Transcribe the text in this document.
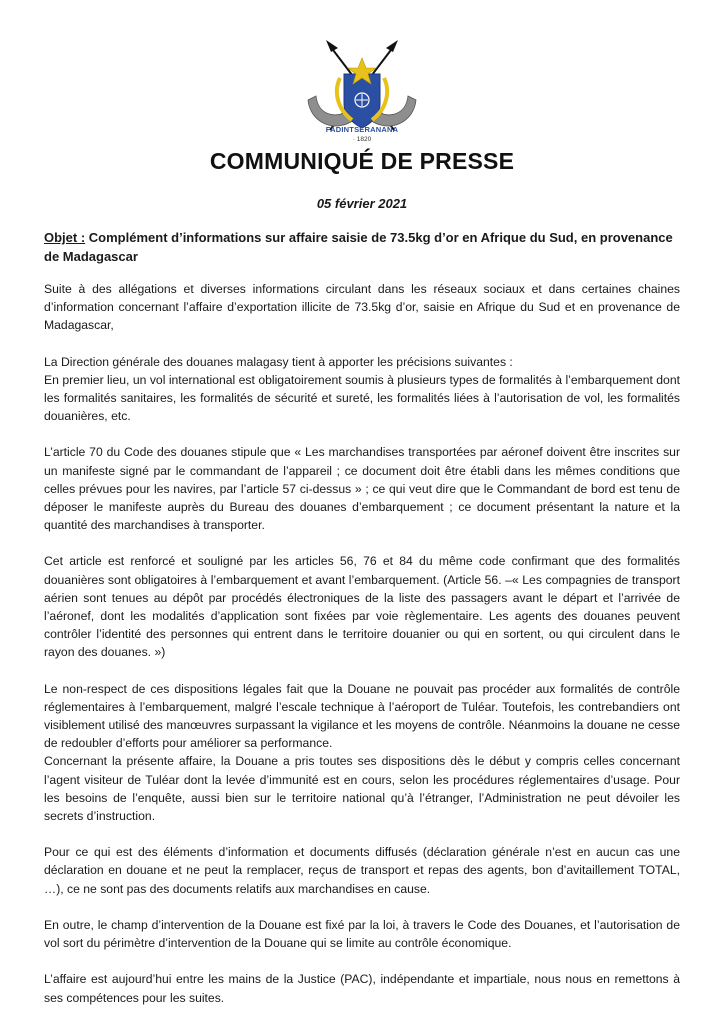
FADINTSERANANA
· 1820
COMMUNIQUÉ DE PRESSE
05 février 2021
Objet : Complément d’informations sur affaire saisie de 73.5kg d’or en Afrique du Sud, en provenance de Madagascar

Suite à des allégations et diverses informations circulant dans les réseaux sociaux et dans certaines chaines d’information concernant l’affaire d’exportation illicite de 73.5kg d’or, saisie en Afrique du Sud et en provenance de Madagascar,

La Direction générale des douanes malagasy tient à apporter les précisions suivantes :

En premier lieu, un vol international est obligatoirement soumis à plusieurs types de formalités à l’embarquement dont les formalités sanitaires, les formalités de sécurité et sureté, les formalités liées à l’autorisation de vol, les formalités douanières, etc.

L’article 70 du Code des douanes stipule que « Les marchandises transportées par aéronef doivent être inscrites sur un manifeste signé par le commandant de l’appareil ; ce document doit être établi dans les mêmes conditions que celles prévues pour les navires, par l’article 57 ci-dessus » ; ce qui veut dire que le Commandant de bord est tenu de déposer le manifeste auprès du Bureau des douanes d’embarquement ; ce document présentant la nature et la quantité des marchandises à transporter.

Cet article est renforcé et souligné par les articles 56, 76 et 84 du même code confirmant que des formalités douanières sont obligatoires à l’embarquement et avant l’embarquement. (Article 56. –« Les compagnies de transport aérien sont tenues au dépôt par procédés électroniques de la liste des passagers avant le départ et l’arrivée de l’aéronef, dont les modalités d’application sont fixées par voie règlementaire. Les agents des douanes peuvent contrôler l’identité des personnes qui entrent dans le territoire douanier ou qui en sortent, ou qui circulent dans le rayon des douanes. »)

Le non-respect de ces dispositions légales fait que la Douane ne pouvait pas procéder aux formalités de contrôle réglementaires à l’embarquement, malgré l’escale technique à l’aéroport de Tuléar. Toutefois, les contrebandiers ont visiblement utilisé des manœuvres surpassant la vigilance et les moyens de contrôle. Néanmoins la douane ne cesse de redoubler d’efforts pour améliorer sa performance.

Concernant la présente affaire, la Douane a pris toutes ses dispositions dès le début y compris celles concernant l’agent visiteur de Tuléar dont la levée d’immunité est en cours, selon les procédures réglementaires d’usage. Pour les besoins de l’enquête, aussi bien sur le territoire national qu’à l’étranger, l’Administration ne peut dévoiler les secrets d’instruction.

Pour ce qui est des éléments d’information et documents diffusés (déclaration générale n’est en aucun cas une déclaration en douane et ne peut la remplacer, reçus de transport et repas des agents, bon d’avitaillement TOTAL, …), ce ne sont pas des documents relatifs aux marchandises en cause.

En outre, le champ d’intervention de la Douane est fixé par la loi, à travers le Code des Douanes, et l’autorisation de vol sort du périmètre d’intervention de la Douane qui se limite au contrôle économique.

L’affaire est aujourd’hui entre les mains de la Justice (PAC), indépendante et impartiale, nous nous en remettons à ses compétences pour les suites.
